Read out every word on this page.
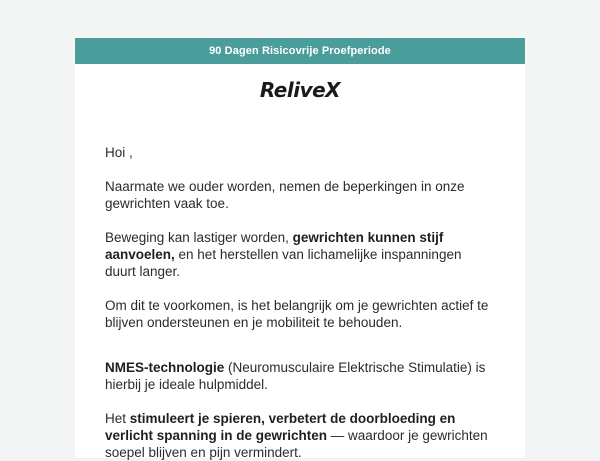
90 Dagen Risicovrije Proefperiode
ReliveX

Hoi ,

Naarmate we ouder worden, nemen de beperkingen in onze gewrichten vaak toe.

Beweging kan lastiger worden, gewrichten kunnen stijf aanvoelen, en het herstellen van lichamelijke inspanningen duurt langer.

Om dit te voorkomen, is het belangrijk om je gewrichten actief te blijven ondersteunen en je mobiliteit te behouden.

NMES-technologie (Neuromusculaire Elektrische Stimulatie) is hierbij je ideale hulpmiddel.

Het stimuleert je spieren, verbetert de doorbloeding en verlicht spanning in de gewrichten — waardoor je gewrichten soepel blijven en pijn vermindert.
